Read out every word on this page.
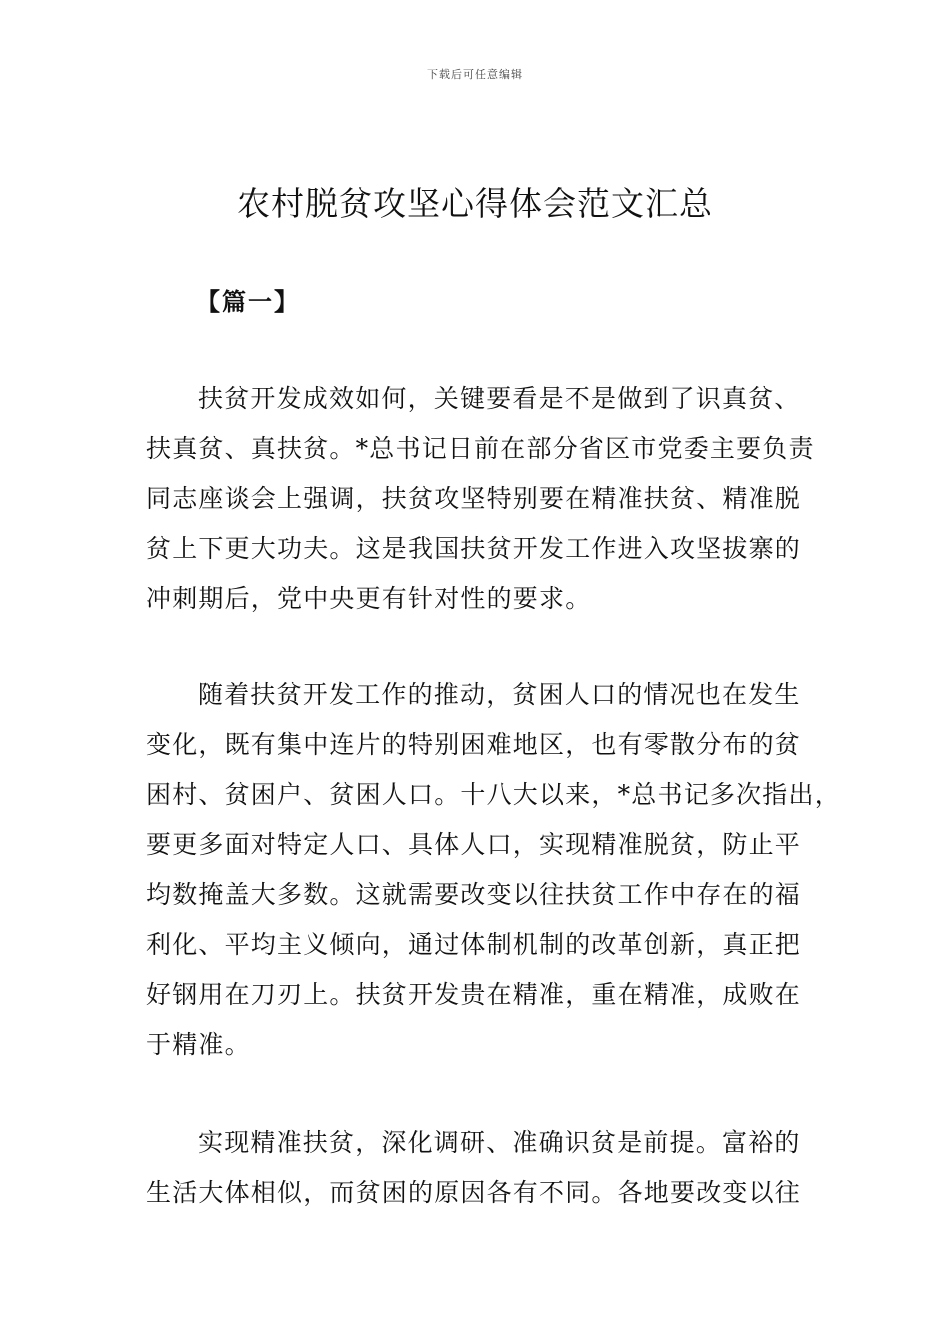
下载后可任意编辑
农村脱贫攻坚心得体会范文汇总
【篇一】
扶贫开发成效如何，关键要看是不是做到了识真贫、
扶真贫、真扶贫。*总书记日前在部分省区市党委主要负责
同志座谈会上强调，扶贫攻坚特别要在精准扶贫、精准脱
贫上下更大功夫。这是我国扶贫开发工作进入攻坚拔寨的
冲刺期后，党中央更有针对性的要求。
随着扶贫开发工作的推动，贫困人口的情况也在发生
变化，既有集中连片的特别困难地区，也有零散分布的贫
困村、贫困户、贫困人口。十八大以来，*总书记多次指出，
要更多面对特定人口、具体人口，实现精准脱贫，防止平
均数掩盖大多数。这就需要改变以往扶贫工作中存在的福
利化、平均主义倾向，通过体制机制的改革创新，真正把
好钢用在刀刃上。扶贫开发贵在精准，重在精准，成败在
于精准。
实现精准扶贫，深化调研、准确识贫是前提。富裕的
生活大体相似，而贫困的原因各有不同。各地要改变以往
